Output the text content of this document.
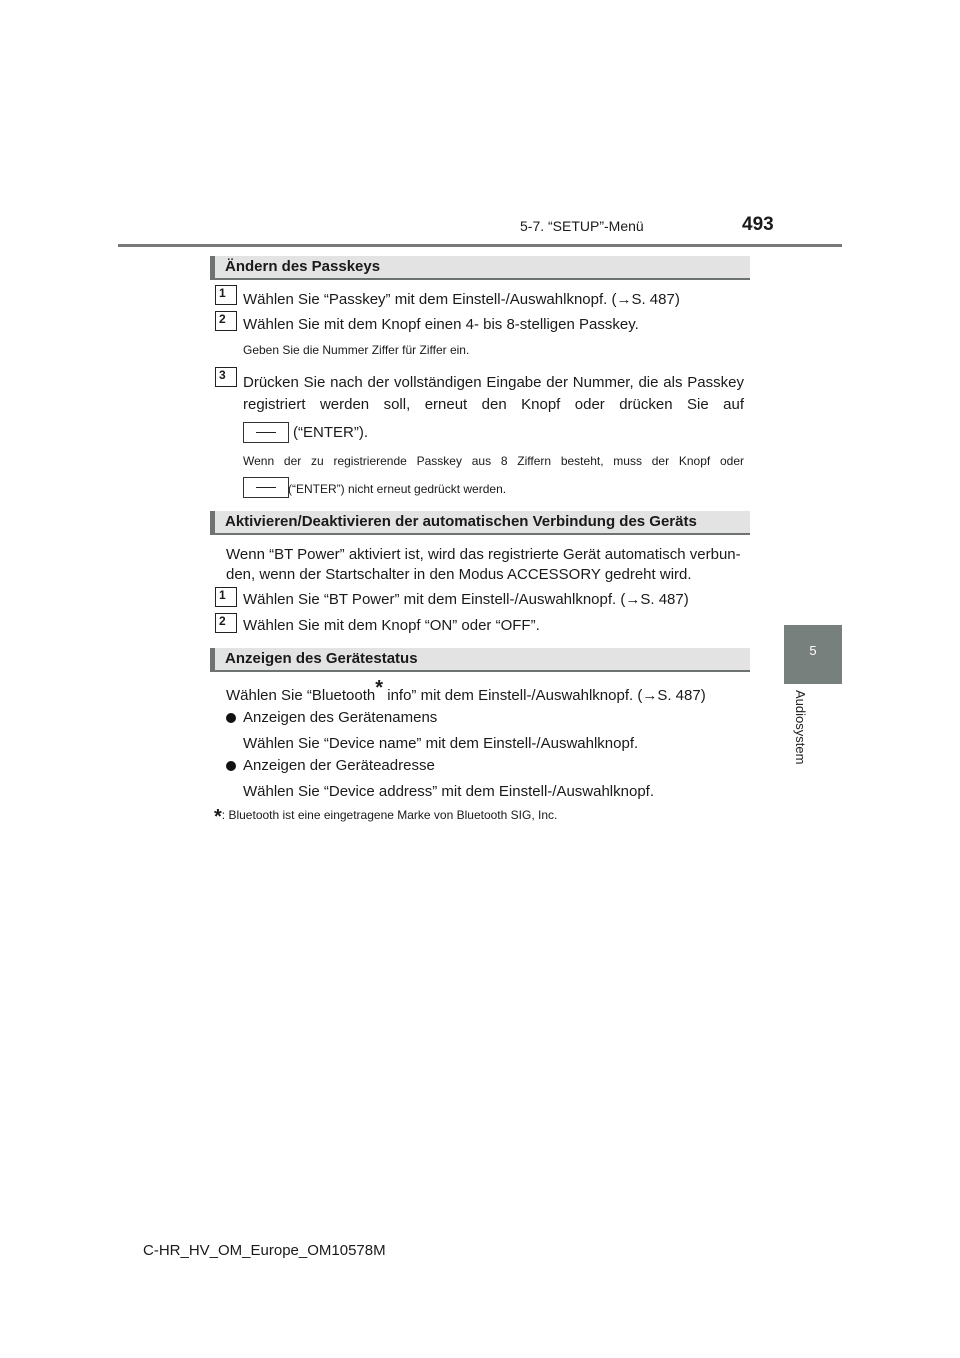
5-7. “SETUP”-Menü	493
5
Audiosystem
Ändern des Passkeys
1	Wählen Sie “Passkey” mit dem Einstell-/Auswahlknopf. (→S. 487)
2	Wählen Sie mit dem Knopf einen 4- bis 8-stelligen Passkey.
Geben Sie die Nummer Ziffer für Ziffer ein.
3	Drücken Sie nach der vollständigen Eingabe der Nummer, die als Passkey
registriert werden soll, erneut den Knopf oder drücken Sie auf
(“ENTER”).
Wenn der zu registrierende Passkey aus 8 Ziffern besteht, muss der Knopf oder
(“ENTER”) nicht erneut gedrückt werden.
Aktivieren/Deaktivieren der automatischen Verbindung des Geräts
Wenn “BT Power” aktiviert ist, wird das registrierte Gerät automatisch verbun-
den, wenn der Startschalter in den Modus ACCESSORY gedreht wird.
1	Wählen Sie “BT Power” mit dem Einstell-/Auswahlknopf. (→S. 487)
2	Wählen Sie mit dem Knopf “ON” oder “OFF”.
Anzeigen des Gerätestatus
Wählen Sie “Bluetooth* info” mit dem Einstell-/Auswahlknopf. (→S. 487)
Anzeigen des Gerätenamens
Wählen Sie “Device name” mit dem Einstell-/Auswahlknopf.
Anzeigen der Geräteadresse
Wählen Sie “Device address” mit dem Einstell-/Auswahlknopf.
*: Bluetooth ist eine eingetragene Marke von Bluetooth SIG, Inc.
C-HR_HV_OM_Europe_OM10578M
